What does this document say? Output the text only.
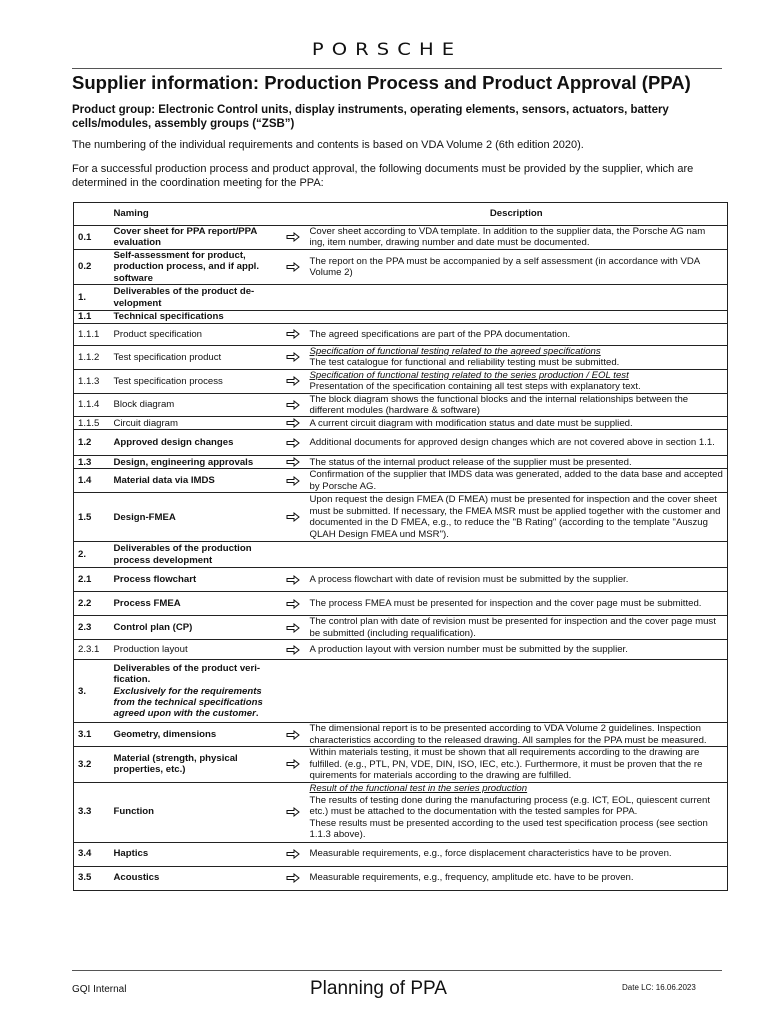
PORSCHE
Supplier information: Production Process and Product Approval (PPA)
Product group: Electronic Control units, display instruments, operating elements, sensors, actuators, battery cells/modules, assembly groups (“ZSB”)
The numbering of the individual requirements and contents is based on VDA Volume 2 (6th edition 2020).
For a successful production process and product approval, the following documents must be provided by the supplier, which are determined in the coordination meeting for the PPA:
	Naming		Description
0.1	Cover sheet for PPA report/PPA evaluation		Cover sheet according to VDA template. In addition to the supplier data, the Porsche AG nam ing, item number, drawing number and date must be documented.

0.2	Self-assessment for product, production process, and if appl. software		The report on the PPA must be accompanied by a self assessment (in accordance with VDA Volume 2)

1.	Deliverables of the product de-velopment		
1.1	Technical specifications		
1.1.1	Product specification		The agreed specifications are part of the PPA documentation.

1.1.2	Test specification product		Specification of functional testing related to the agreed specifications
The test catalogue for functional and reliability testing must be submitted.

1.1.3	Test specification process		Specification of functional testing related to the series production / EOL test
Presentation of the specification containing all test steps with explanatory text.

1.1.4	Block diagram		The block diagram shows the functional blocks and the internal relationships between the different modules (hardware & software)

1.1.5	Circuit diagram		A current circuit diagram with modification status and date must be supplied.

1.2	Approved design changes		Additional documents for approved design changes which are not covered above in section 1.1.

1.3	Design, engineering approvals		The status of the internal product release of the supplier must be presented.

1.4	Material data via IMDS		Confirmation of the supplier that IMDS data was generated, added to the data base and accepted by Porsche AG.

1.5	Design-FMEA		Upon request the design FMEA (D FMEA) must be presented for inspection and the cover sheet must be submitted. If necessary, the FMEA MSR must be applied together with the customer and documented in the D FMEA, e.g., to reduce the "B Rating" (according to the template "Auszug QLAH Design FMEA und MSR").

2.	Deliverables of the production process development		
2.1	Process flowchart		A process flowchart with date of revision must be submitted by the supplier.

2.2	Process FMEA		The process FMEA must be presented for inspection and the cover page must be submitted.

2.3	Control plan (CP)		The control plan with date of revision must be presented for inspection and the cover page must be submitted (including requalification).

2.3.1	Production layout		A production layout with version number must be submitted by the supplier.

3.	Deliverables of the product veri-fication.
Exclusively for the requirements from the technical specifications agreed upon with the customer.		
3.1	Geometry, dimensions		The dimensional report is to be presented according to VDA Volume 2 guidelines. Inspection characteristics according to the released drawing. All samples for the PPA must be measured.

3.2	Material (strength, physical properties, etc.)		Within materials testing, it must be shown that all requirements according to the drawing are fulfilled. (e.g., PTL, PN, VDE, DIN, ISO, IEC, etc.). Furthermore, it must be proven that the re quirements for materials according to the drawing are fulfilled.

3.3	Function		Result of the functional test in the series production
The results of testing done during the manufacturing process (e.g. ICT, EOL, quiescent current etc.) must be attached to the documentation with the tested samples for PPA.
These results must be presented according to the used test specification process (see section 1.1.3 above).

3.4	Haptics		Measurable requirements, e.g., force displacement characteristics have to be proven.

3.5	Acoustics		Measurable requirements, e.g., frequency, amplitude etc. have to be proven.
GQI Internal	Planning of PPA	Date LC: 16.06.2023
